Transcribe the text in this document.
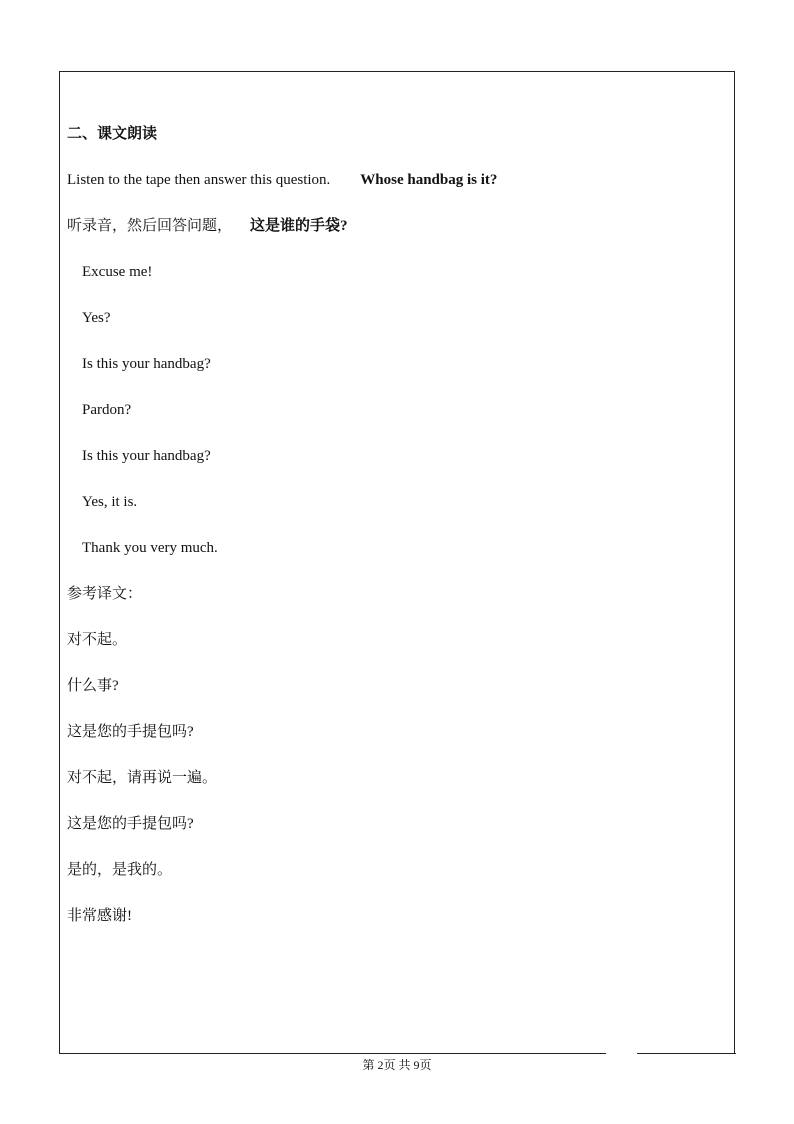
二、课文朗读
Listen to the tape then answer this question. Whose handbag is it?
听录音，然后回答问题， 这是谁的手袋?
Excuse me!
Yes?
Is this your handbag?
Pardon?
Is this your handbag?
Yes, it is.
Thank you very much.
参考译文：
对不起。
什么事?
这是您的手提包吗?
对不起，请再说一遍。
这是您的手提包吗?
是的，是我的。
非常感谢!
第 2页 共 9页
